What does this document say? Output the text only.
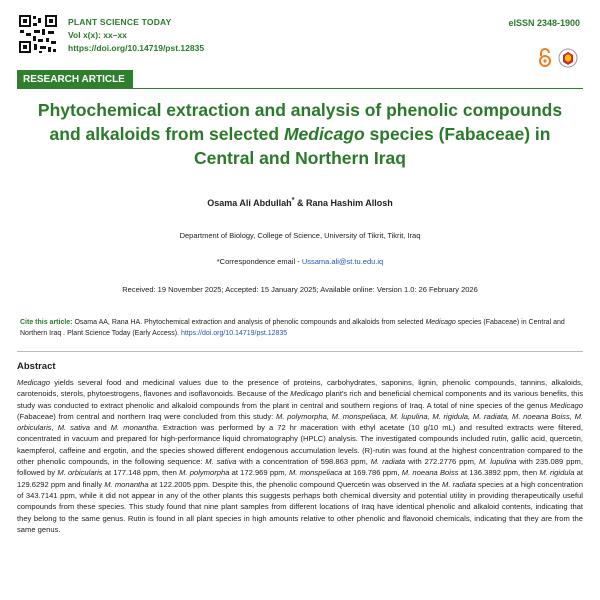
PLANT SCIENCE TODAY
Vol x(x): xx–xx
https://doi.org/10.14719/pst.12835
eISSN 2348-1900
RESEARCH ARTICLE
Phytochemical extraction and analysis of phenolic compounds and alkaloids from selected Medicago species (Fabaceae) in Central and Northern Iraq
Osama Ali Abdullah* & Rana Hashim Allosh
Department of Biology, College of Science, University of Tikrit, Tikrit, Iraq
*Correspondence email - Ussama.ali@st.tu.edu.iq
Received: 19 November 2025; Accepted: 15 January 2025; Available online: Version 1.0: 26 February 2026
Cite this article: Osama AA, Rana HA. Phytochemical extraction and analysis of phenolic compounds and alkaloids from selected Medicago species (Fabaceae) in Central and Northern Iraq . Plant Science Today (Early Access). https://doi.org/10.14719/pst.12835
Abstract
Medicago yields several food and medicinal values due to the presence of proteins, carbohydrates, saponins, lignin, phenolic compounds, tannins, alkaloids, carotenoids, sterols, phytoestrogens, flavones and isoflavonoids. Because of the Medicago plant's rich and beneficial chemical components and its various benefits, this study was conducted to extract phenolic and alkaloid compounds from the plant in central and southern regions of Iraq. A total of nine species of the genus Medicago (Fabaceae) from central and northern Iraq were concluded from this study: M. polymorpha, M. monspeliaca, M. lupulina, M. rigidula, M. radiata, M. noeana Boiss, M. orbicularis, M. sativa and M. monantha. Extraction was performed by a 72 hr maceration with ethyl acetate (10 g/10 mL) and resulted extracts were filtered, concentrated in vacuum and prepared for high-performance liquid chromatography (HPLC) analysis. The investigated compounds included rutin, gallic acid, quercetin, kaempferol, caffeine and ergotin, and the species showed different endogenous accumulation levels. (R)-rutin was found at the highest concentration compared to the other phenolic compounds, in the following sequence: M. sativa with a concentration of 598.863 ppm, M. radiata with 272.2776 ppm, M. lupulina with 235.089 ppm, followed by M. orbicularis at 177.148 ppm, then M. polymorpha at 172.969 ppm, M. monspeliaca at 169.786 ppm, M. noeana Boiss at 136.3892 ppm, then M. rigidula at 129.6292 ppm and finally M. monantha at 122.2005 ppm. Despite this, the phenolic compound Quercetin was observed in the M. radiata species at a high concentration of 343.7141 ppm, while it did not appear in any of the other plants this suggests perhaps both chemical diversity and potential utility in providing therapeutically useful compounds from these species. This study found that nine plant samples from different locations of Iraq have identical phenolic and alkaloid contents, indicating that they belong to the same genus. Rutin is found in all plant species in high amounts relative to other phenolic and flavonoid chemicals, indicating that they are from the same genus.
